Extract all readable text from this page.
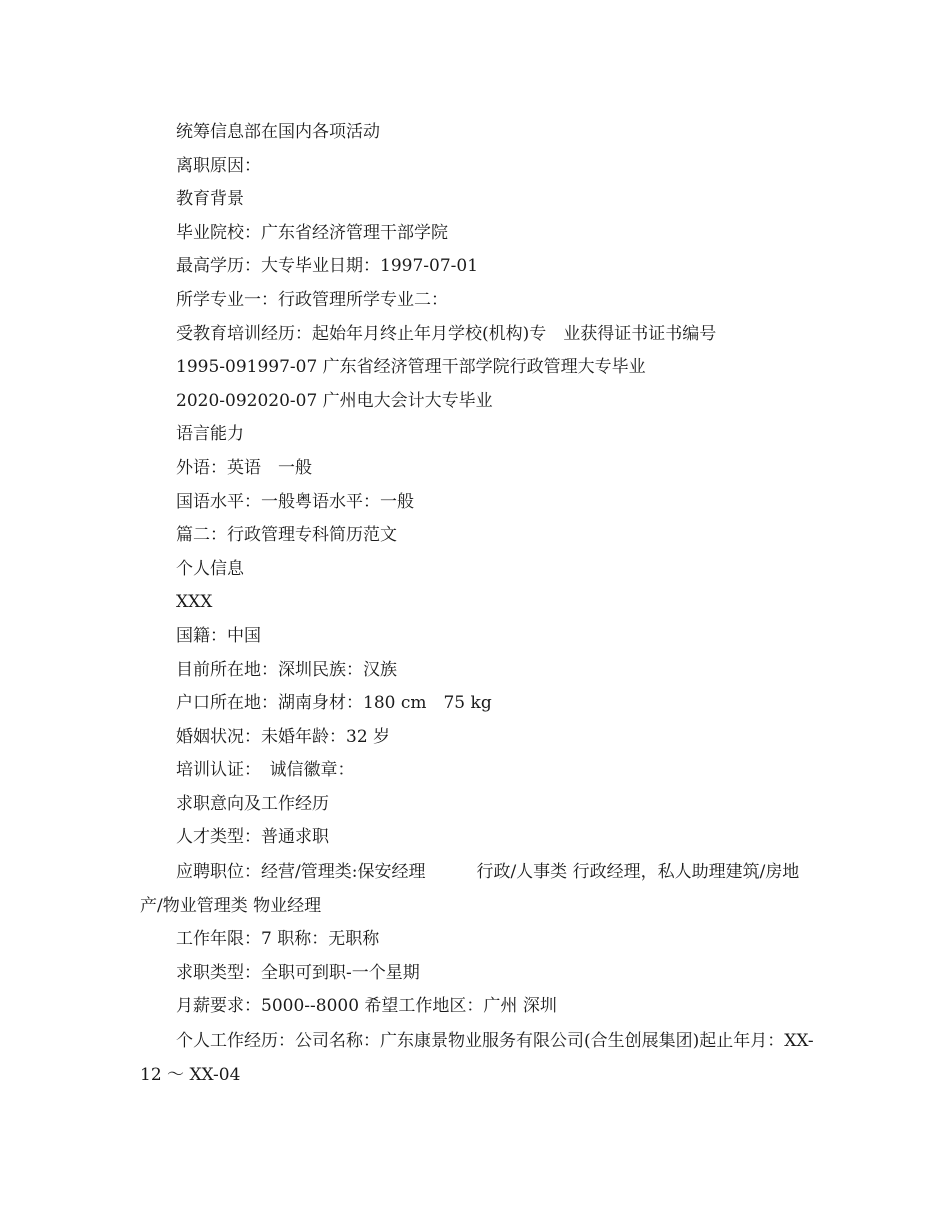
统筹信息部在国内各项活动
离职原因：
教育背景
毕业院校：广东省经济管理干部学院
最高学历：大专毕业日期：1997-07-01
所学专业一：行政管理所学专业二：
受教育培训经历：起始年月终止年月学校(机构)专　业获得证书证书编号
1995-091997-07 广东省经济管理干部学院行政管理大专毕业
2020-092020-07 广州电大会计大专毕业
语言能力
外语：英语　一般
国语水平：一般粤语水平：一般
篇二：行政管理专科简历范文
个人信息
XXX
国籍：中国
目前所在地：深圳民族：汉族
户口所在地：湖南身材：180 cm　75 kg
婚姻状况：未婚年龄：32 岁
培训认证：　诚信徽章：
求职意向及工作经历
人才类型：普通求职
应聘职位：经营/管理类:保安经理　　　行政/人事类 行政经理，私人助理建筑/房地产/物业管理类 物业经理
工作年限：7 职称：无职称
求职类型：全职可到职-一个星期
月薪要求：5000--8000 希望工作地区：广州 深圳
个人工作经历：公司名称：广东康景物业服务有限公司(合生创展集团)起止年月：XX-12 ～ XX-04
